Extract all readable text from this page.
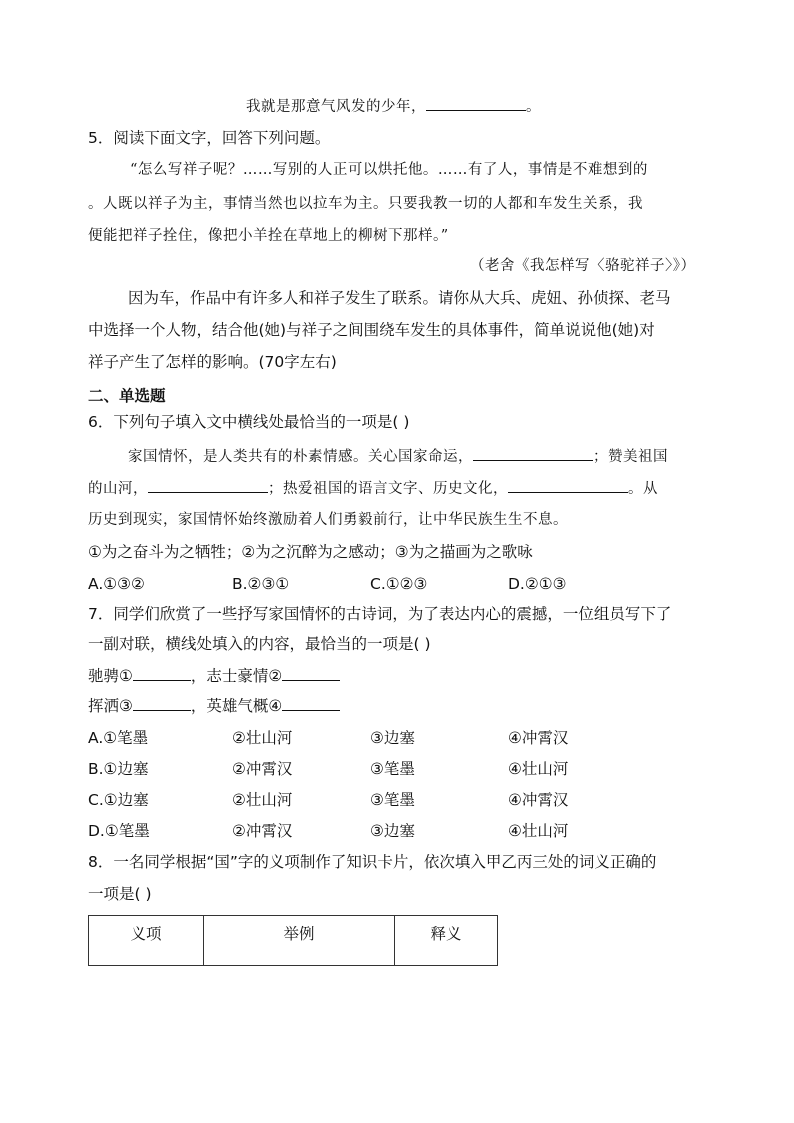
我就是那意气风发的少年，	。
5．阅读下面文字，回答下列问题。
“怎么写祥子呢？……写别的人正可以烘托他。……有了人，事情是不难想到的
。人既以祥子为主，事情当然也以拉车为主。只要我教一切的人都和车发生关系，我
便能把祥子拴住，像把小羊拴在草地上的柳树下那样。”
（老舍《我怎样写〈骆驼祥子〉》）
因为车，作品中有许多人和祥子发生了联系。请你从大兵、虎妞、孙侦探、老马
中选择一个人物，结合他(她)与祥子之间围绕车发生的具体事件，简单说说他(她)对
祥子产生了怎样的影响。(70字左右)
二、单选题
6．下列句子填入文中横线处最恰当的一项是( )
家国情怀，是人类共有的朴素情感。关心国家命运，	；赞美祖国
的山河，	；热爱祖国的语言文字、历史文化，	。从
历史到现实，家国情怀始终激励着人们勇毅前行，让中华民族生生不息。
①为之奋斗为之牺牲；②为之沉醉为之感动；③为之描画为之歌咏
A.①③②	B.②③①	C.①②③	D.②①③
7．同学们欣赏了一些抒写家国情怀的古诗词，为了表达内心的震撼，一位组员写下了
一副对联，横线处填入的内容，最恰当的一项是( )
驰骋①	，志士豪情②
挥洒③	，英雄气概④
A.①笔墨	②壮山河	③边塞	④冲霄汉
B.①边塞	②冲霄汉	③笔墨	④壮山河
C.①边塞	②壮山河	③笔墨	④冲霄汉
D.①笔墨	②冲霄汉	③边塞	④壮山河
8．一名同学根据“国”字的义项制作了知识卡片，依次填入甲乙丙三处的词义正确的
一项是( )
义项	举例	释义
